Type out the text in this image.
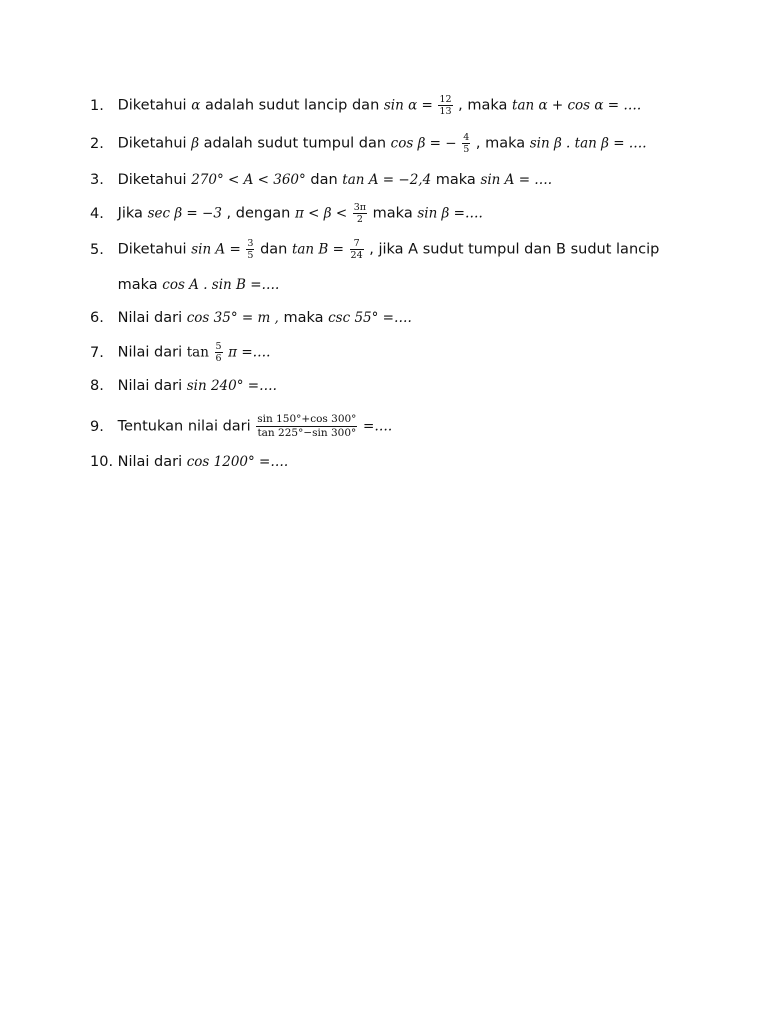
1. Diketahui α adalah sudut lancip dan $\sin \alpha = \frac{12}{13}$ , maka tan α + cos α = ….
2. Diketahui β adalah sudut tumpul dan cos β = − $\frac{4}{5}$ , maka sin β . tan β = ….
3. Diketahui 270° < A < 360° dan tan A = −2,4 maka sin A = ….
4. Jika sec β = −3 , dengan $\pi < \beta < \frac{3\pi}{2}$ maka sin β =….
5. Diketahui $\sin A = \frac{3}{5}$ dan $\tan B = \frac{7}{24}$ , jika A sudut tumpul dan B sudut lancip
maka cos A . sin B =….
6. Nilai dari cos 35° = m , maka csc 55° =….
7. Nilai dari $\tan \frac{5}{6}$ π =….
8. Nilai dari sin 240° =….
9. Tentukan nilai dari $\frac{\sin 150^\circ+\cos 300^\circ}{\tan 225^\circ-\sin 300^\circ}$ =….
10. Nilai dari cos 1200° =….
